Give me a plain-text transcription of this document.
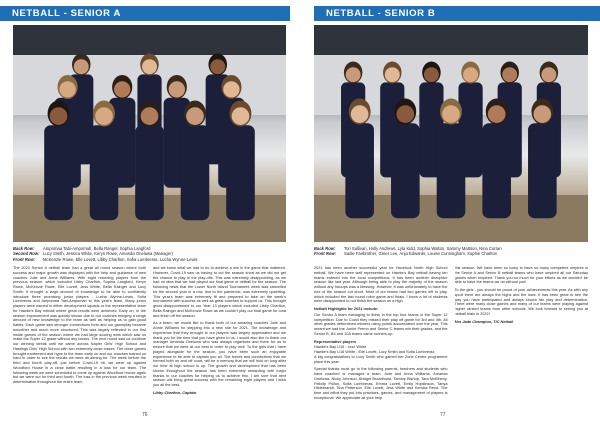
NETBALL - SENIOR A
Back Row:	Ampomaa Tabi-Ampomah, Bella Rangel, Sophia Langford
Second Row: Lucy Smith, Jessica White, Keryn Rowe, Amanda Oneluwa (Manager)
Front Row:	McKenzie Rowe, Elle Lovett, Libby Charlton, Sofia Lumbreras, Lucha Wynne-Lewis

The 2021 Senior A netball team had a great all round season where both success and major growth was displayed with the help and guidance of new coaches Julie and Anna Williams. With eight returning players from the previous season, which included Libby Charlton, Sophia Langford, Keryn Rowe, McKenzie Rowe, Elle Lovett, Jess White, Bella Rainger and Lucy Smith. It brought a large amount of knowledge to be able to confidently introduce three promising junior players - Lucha Wynne-Lewis, Sofia Lumbreras and Ampomaa Tabi-Ampomah to this year's team. Many junior players were named in either development squads or the representative team for Hawke's Bay netball where great results were achieved. Early on, in the season improvement was quickly shown due to our coaches bringing a range amount of new knowledge to the team as well as helping us to gain good habits. Each game saw stronger connections form and our gameplay became smoother and much more structured. This was largely reflected in our first inside games of the season where we had large scoring wins which saw us make the Super 12 grade without any losses. The next round saw us continue our winning streak until we came across Napier Girls' High School and Hastings Girls' High School with two extremely close losses. The close games brought excitement and hype to the team early on and our coaches trained us hard in order to see the results we were all aiming for. The week before the third and fourth play-off, just before Covid-19 hit, we were up against Woodford House in a close battle resulting in a loss for our team. The following week we were scheduled to come up against Woodford House again but we were out for third and fourth. The loss in the previous week resulted in determination throughout the entire team

and we knew what we had to do to achieve a win in the game that mattered. However, Covid-19 saw us having to cut the season short as we did not get the chance to play in the play-offs. This was extremely disappointing, as we had no idea that we had played our final game of netball for the season. The following news that the Lower North Island Tournament week was cancelled for the second year in a row, due to the pandemic, was extremely upsetting. This year's team was extremely fit and prepared to take on the week's tournament with success as well as great coaches to support us. This brought great disappointment to our Year 13 players which included Libby Charlton, Bella Rainger and McKenzie Rowe as we couldn't play our final game for Iona and finish off the season.

As a team, we would like to thank both of our amazing coaches Julie and Annie Williams for stepping into a new role for 2021. The knowledge and experience that they brought to our players was largely appreciated and we thank you for the time that you have given to us. I would also like to thank our manager Amanda Oneluwa who was always organised and there for us to ensure that we were at our best in order to play well. To the girls that I have played alongside for the season, you have been such an enjoyable experience to be able to captain you all. The bonds and connections that we formed both on and off court, will be a memory that we will hold on long after our time at high school is up. The growth and development that has been shown throughout the season has been extremely rewarding with major thanks to our coaches for helping us to achieve this. I am sure that next season will bring great success with the remaining eight players and I wish you all the best.

Libby Charlton, Captain
76
NETBALL - SENIOR B
Back Row:	Tori Sullivan, Holly Andrews, Lyla Kidd, Sophia Walton, Sammy Mattson, Nina Curran
Front Row:	Sadie Fairbrother, Greer Lee, Anja Edwards, Louise Cunningham, Sophie Charlton

2021 has been another successful year for Havelock North High School netball. We have been well represented on Hawke's Bay netball having ten teams entered into the local competitions. It has been another disruptive season like last year. Although being able to play the majority of the season without any hiccups was a blessing. However, it was unfortunately to have the end of the season cut short. Most of our teams had two games left to play, which included the last round robin game and finals. I know a lot of students were disappointed to not finish the season on a high.

Netball Highlights for 2021 include:

Our Senior A team managing to finish in the top four teams in the Super 12 competition. Due to Covid they missed their play off game for 3rd and 4th. All other grades determined winners using points accumulated over the year. This meant we had the Junior Premo and Senior C teams win their grades, and the Senior B, B4 and 10A teams came runners-up.

Representative players
Hawke's Bay U15 - xxxx White
Hawke's Bay U16 White - Elle Lovett, Lucy Smith and Sofia Lumbreras

A big congratulations to Lucy Smith who gained her Zone Centre programme place this year.

Special thanks must go to the following parents, teachers and students who have coached or managed a team. Julie and Anna Williams, Amanda Oneluwa, Nicky Johnson, Bridget Broadhurst, Tammy Bishop, Tara McElheny, Felicity Pollon, Sofia Lumbreras, Emma Lovett, Emily Hopkinson, Tanya Hildebrandt, Tina Petterson, Elle Lovett, Jess White and Kendra Reed. The time and effort they put into practices, games, and management of players is exceptional. We appreciate all your help

this season. We have been so lucky to have so many competent umpires in the Senior A and Senior B netball teams who have umpired all our Saturday games when required. Thank you so much for your efforts as we wouldn't be able to have the teams we do without you!

To the girls - you should be proud of your achievements this year. As with any sport there are always the highs and the lows. It has been great to see the way you have participated and always shown fair play and determination. There were many close games and many of our teams were playing against higher ranked teams from other schools. We look forward to seeing you at netball trials in 2022!

Mrs Jade Champion, TIC Netball
77
